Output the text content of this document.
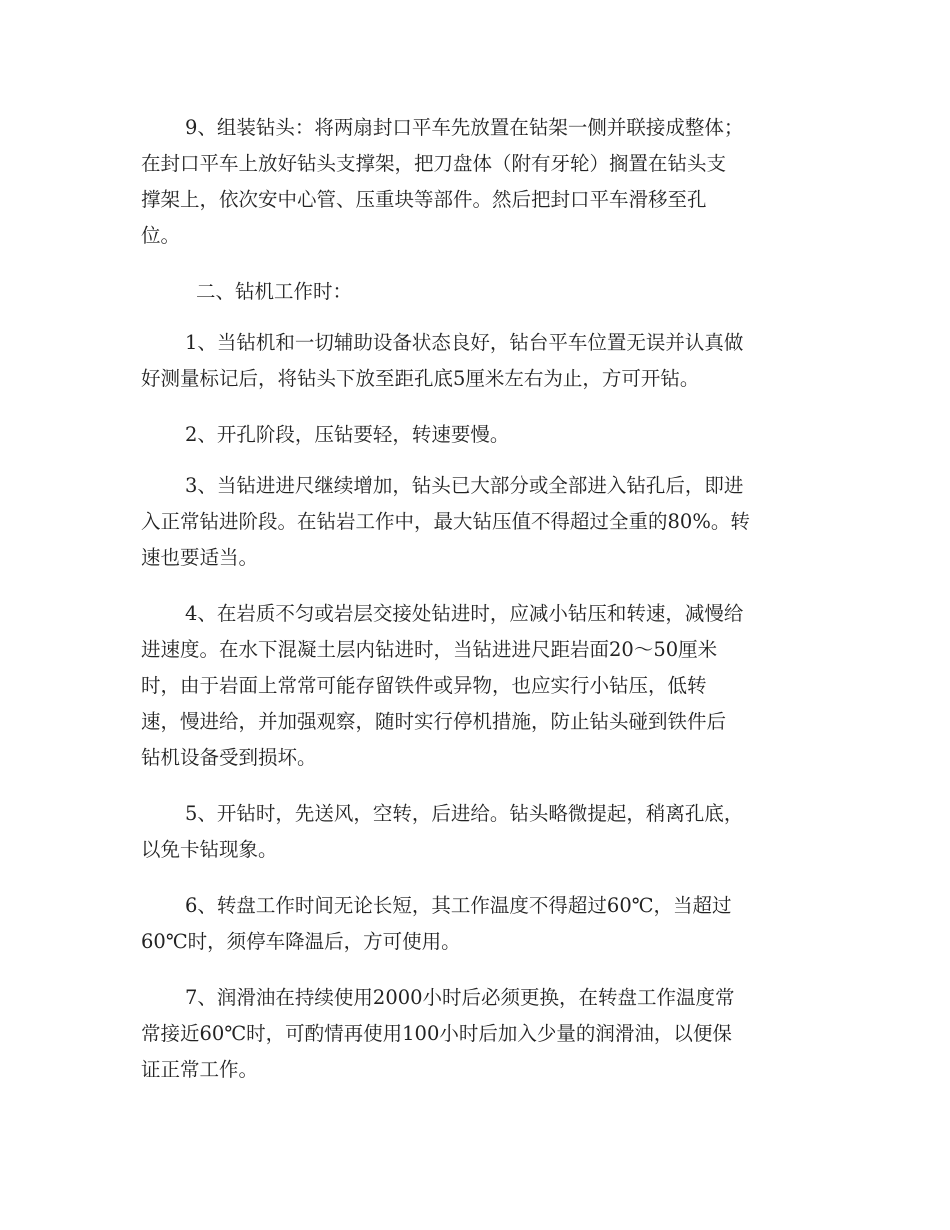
9、组装钻头：将两扇封口平车先放置在钻架一侧并联接成整体；
在封口平车上放好钻头支撑架，把刀盘体（附有牙轮）搁置在钻头支
撑架上，依次安中心管、压重块等部件。然后把封口平车滑移至孔
位。
二、钻机工作时：
1、当钻机和一切辅助设备状态良好，钻台平车位置无误并认真做
好测量标记后，将钻头下放至距孔底5厘米左右为止，方可开钻。
2、开孔阶段，压钻要轻，转速要慢。
3、当钻进进尺继续增加，钻头已大部分或全部进入钻孔后，即进
入正常钻进阶段。在钻岩工作中，最大钻压值不得超过全重的80%。转
速也要适当。
4、在岩质不匀或岩层交接处钻进时，应减小钻压和转速，减慢给
进速度。在水下混凝土层内钻进时，当钻进进尺距岩面20～50厘米
时，由于岩面上常常可能存留铁件或异物，也应实行小钻压，低转
速，慢进给，并加强观察，随时实行停机措施，防止钻头碰到铁件后
钻机设备受到损坏。
5、开钻时，先送风，空转，后进给。钻头略微提起，稍离孔底，
以免卡钻现象。
6、转盘工作时间无论长短，其工作温度不得超过60℃，当超过
60℃时，须停车降温后，方可使用。
7、润滑油在持续使用2000小时后必须更换，在转盘工作温度常
常接近60℃时，可酌情再使用100小时后加入少量的润滑油，以便保
证正常工作。
